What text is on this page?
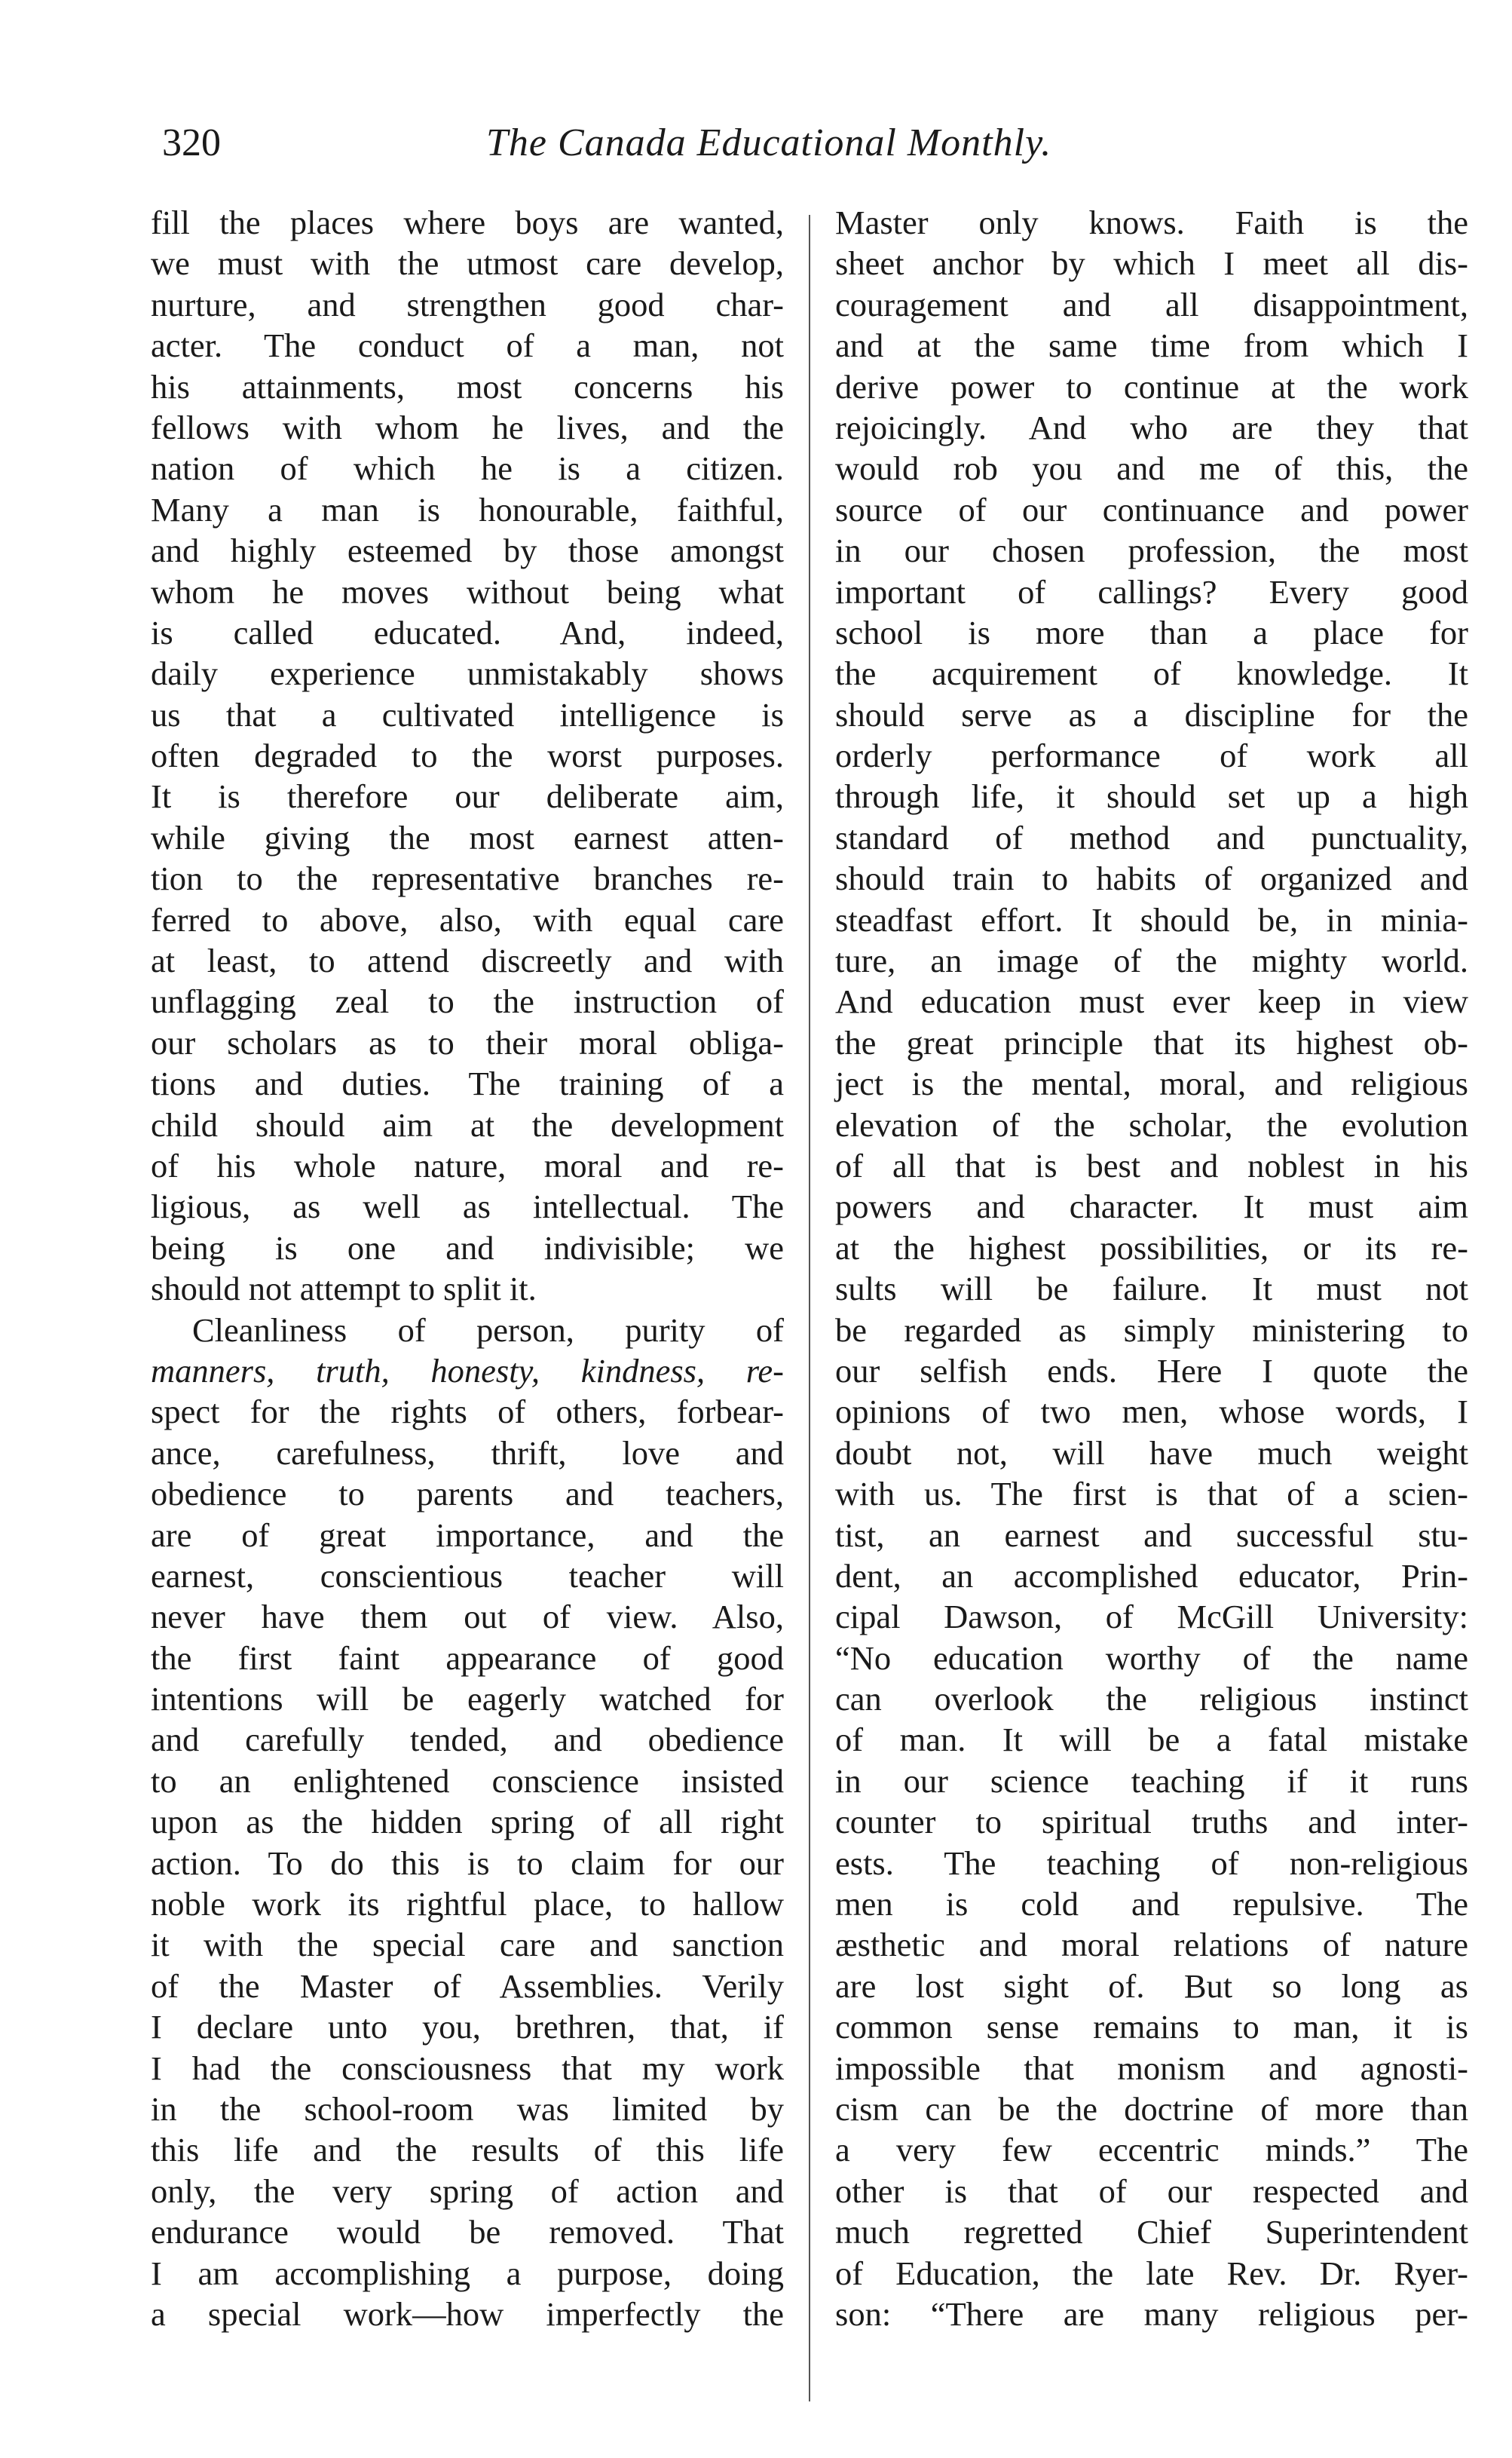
320	The Canada Educational Monthly.
fill the places where boys are wanted,
we must with the utmost care develop,
nurture, and strengthen good char-
acter. The conduct of a man, not
his attainments, most concerns his
fellows with whom he lives, and the
nation of which he is a citizen.
Many a man is honourable, faithful,
and highly esteemed by those amongst
whom he moves without being what
is called educated. And, indeed,
daily experience unmistakably shows
us that a cultivated intelligence is
often degraded to the worst purposes.
It is therefore our deliberate aim,
while giving the most earnest atten-
tion to the representative branches re-
ferred to above, also, with equal care
at least, to attend discreetly and with
unflagging zeal to the instruction of
our scholars as to their moral obliga-
tions and duties. The training of a
child should aim at the development
of his whole nature, moral and re-
ligious, as well as intellectual. The
being is one and indivisible; we
should not attempt to split it.
Cleanliness of person, purity of
manners, truth, honesty, kindness, re-
spect for the rights of others, forbear-
ance, carefulness, thrift, love and
obedience to parents and teachers,
are of great importance, and the
earnest, conscientious teacher will
never have them out of view. Also,
the first faint appearance of good
intentions will be eagerly watched for
and carefully tended, and obedience
to an enlightened conscience insisted
upon as the hidden spring of all right
action. To do this is to claim for our
noble work its rightful place, to hallow
it with the special care and sanction
of the Master of Assemblies. Verily
I declare unto you, brethren, that, if
I had the consciousness that my work
in the school-room was limited by
this life and the results of this life
only, the very spring of action and
endurance would be removed. That
I am accomplishing a purpose, doing
a special work—how imperfectly the
Master only knows. Faith is the
sheet anchor by which I meet all dis-
couragement and all disappointment,
and at the same time from which I
derive power to continue at the work
rejoicingly. And who are they that
would rob you and me of this, the
source of our continuance and power
in our chosen profession, the most
important of callings? Every good
school is more than a place for
the acquirement of knowledge. It
should serve as a discipline for the
orderly performance of work all
through life, it should set up a high
standard of method and punctuality,
should train to habits of organized and
steadfast effort. It should be, in minia-
ture, an image of the mighty world.
And education must ever keep in view
the great principle that its highest ob-
ject is the mental, moral, and religious
elevation of the scholar, the evolution
of all that is best and noblest in his
powers and character. It must aim
at the highest possibilities, or its re-
sults will be failure. It must not
be regarded as simply ministering to
our selfish ends. Here I quote the
opinions of two men, whose words, I
doubt not, will have much weight
with us. The first is that of a scien-
tist, an earnest and successful stu-
dent, an accomplished educator, Prin-
cipal Dawson, of McGill University:
“No education worthy of the name
can overlook the religious instinct
of man. It will be a fatal mistake
in our science teaching if it runs
counter to spiritual truths and inter-
ests. The teaching of non-religious
men is cold and repulsive. The
æsthetic and moral relations of nature
are lost sight of. But so long as
common sense remains to man, it is
impossible that monism and agnosti-
cism can be the doctrine of more than
a very few eccentric minds.” The
other is that of our respected and
much regretted Chief Superintendent
of Education, the late Rev. Dr. Ryer-
son: “There are many religious per-
